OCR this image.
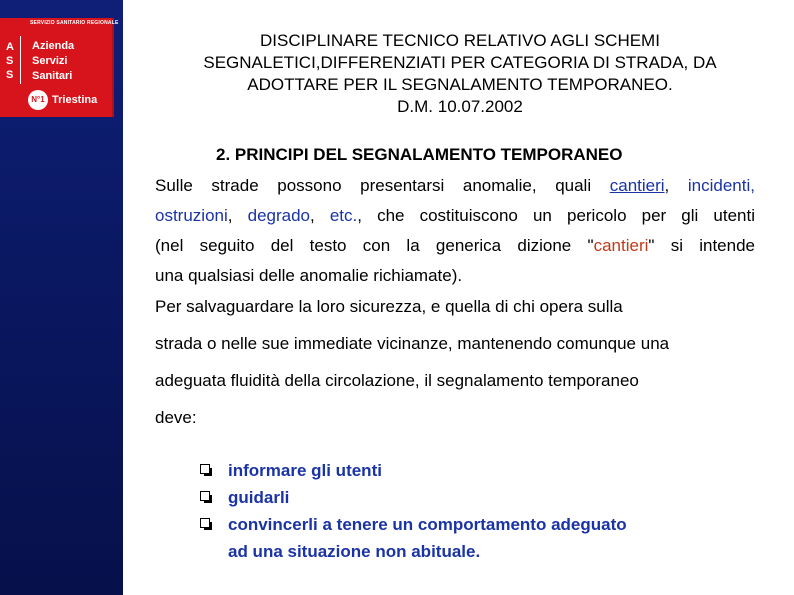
SERVIZIO SANITARIO REGIONALE
A
S
S
Azienda
Servizi
Sanitari
N°1 Triestina
DISCIPLINARE TECNICO RELATIVO AGLI SCHEMI
SEGNALETICI,DIFFERENZIATI PER CATEGORIA DI STRADA, DA
ADOTTARE PER IL SEGNALAMENTO TEMPORANEO.
D.M. 10.07.2002
2. PRINCIPI DEL SEGNALAMENTO TEMPORANEO
Sulle strade possono presentarsi anomalie, quali cantieri, incidenti,
ostruzioni, degrado, etc., che costituiscono un pericolo per gli utenti
(nel seguito del testo con la generica dizione "cantieri" si intende
una qualsiasi delle anomalie richiamate).
Per salvaguardare la loro sicurezza, e quella di chi opera sulla
strada o nelle sue immediate vicinanze, mantenendo comunque una
adeguata fluidità della circolazione, il segnalamento temporaneo
deve:
informare gli utenti
guidarli
convincerli a tenere un comportamento adeguato
ad una situazione non abituale.
